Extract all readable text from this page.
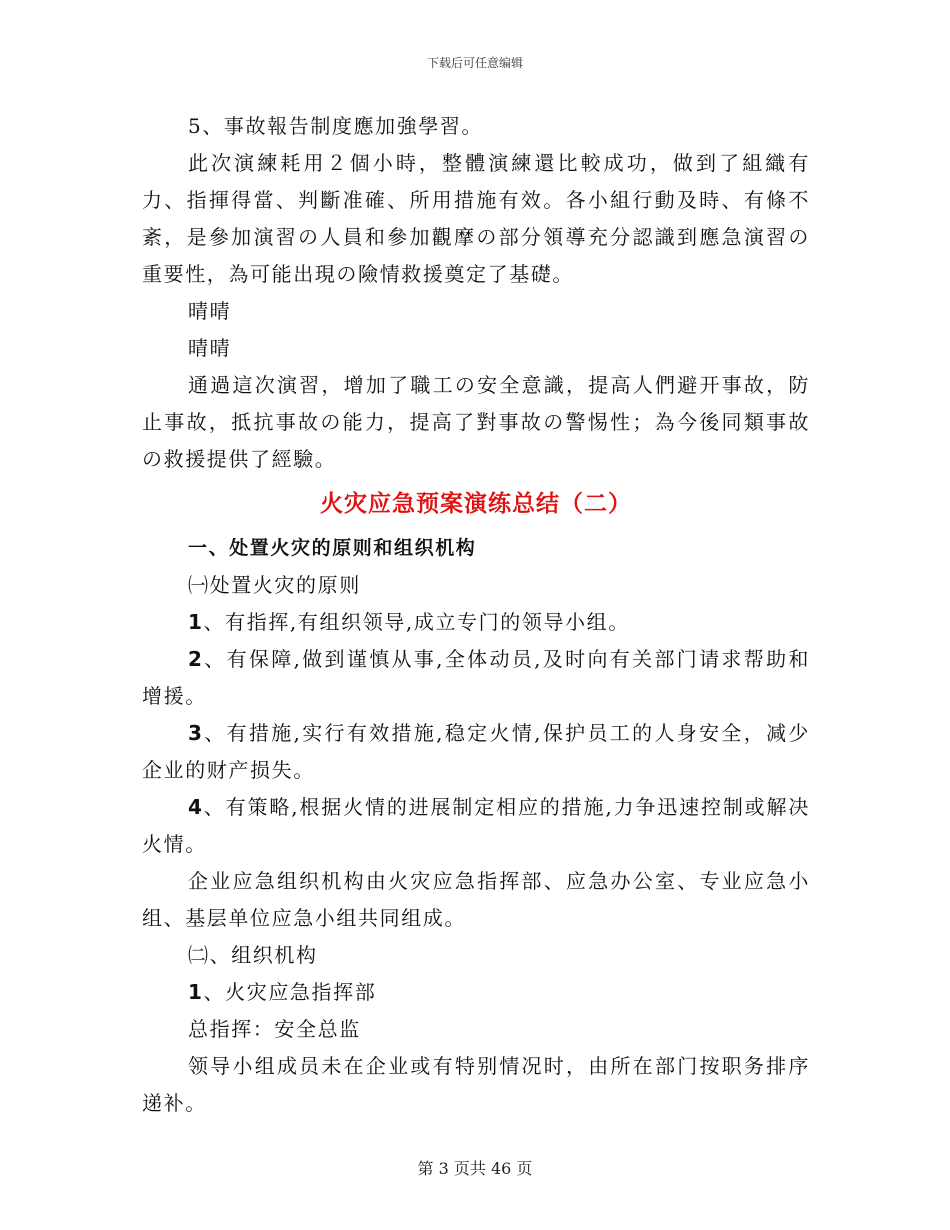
下载后可任意编辑

5、事故報告制度應加強學習。

此次演練耗用２個小時，整體演練還比較成功，做到了組織有力、指揮得當、判斷准確、所用措施有效。各小組行動及時、有條不紊，是參加演習の人員和參加觀摩の部分領導充分認識到應急演習の重要性，為可能出現の險情救援奠定了基礎。

晴晴

晴晴

通過這次演習，增加了職工の安全意識，提高人們避开事故，防止事故，抵抗事故の能力，提高了對事故の警惕性；為今後同類事故の救援提供了經驗。

火灾应急预案演练总结（二）

一、处置火灾的原则和组织机构

㈠处置火灾的原则

1、有指挥,有组织领导,成立专门的领导小组。

2、有保障,做到谨慎从事,全体动员,及时向有关部门请求帮助和增援。

3、有措施,实行有效措施,稳定火情,保护员工的人身安全，减少企业的财产损失。

4、有策略,根据火情的进展制定相应的措施,力争迅速控制或解决火情。

企业应急组织机构由火灾应急指挥部、应急办公室、专业应急小组、基层单位应急小组共同组成。

㈡、组织机构

1、火灾应急指挥部

总指挥：安全总监

领导小组成员未在企业或有特别情况时，由所在部门按职务排序递补。

第 3 页共 46 页
